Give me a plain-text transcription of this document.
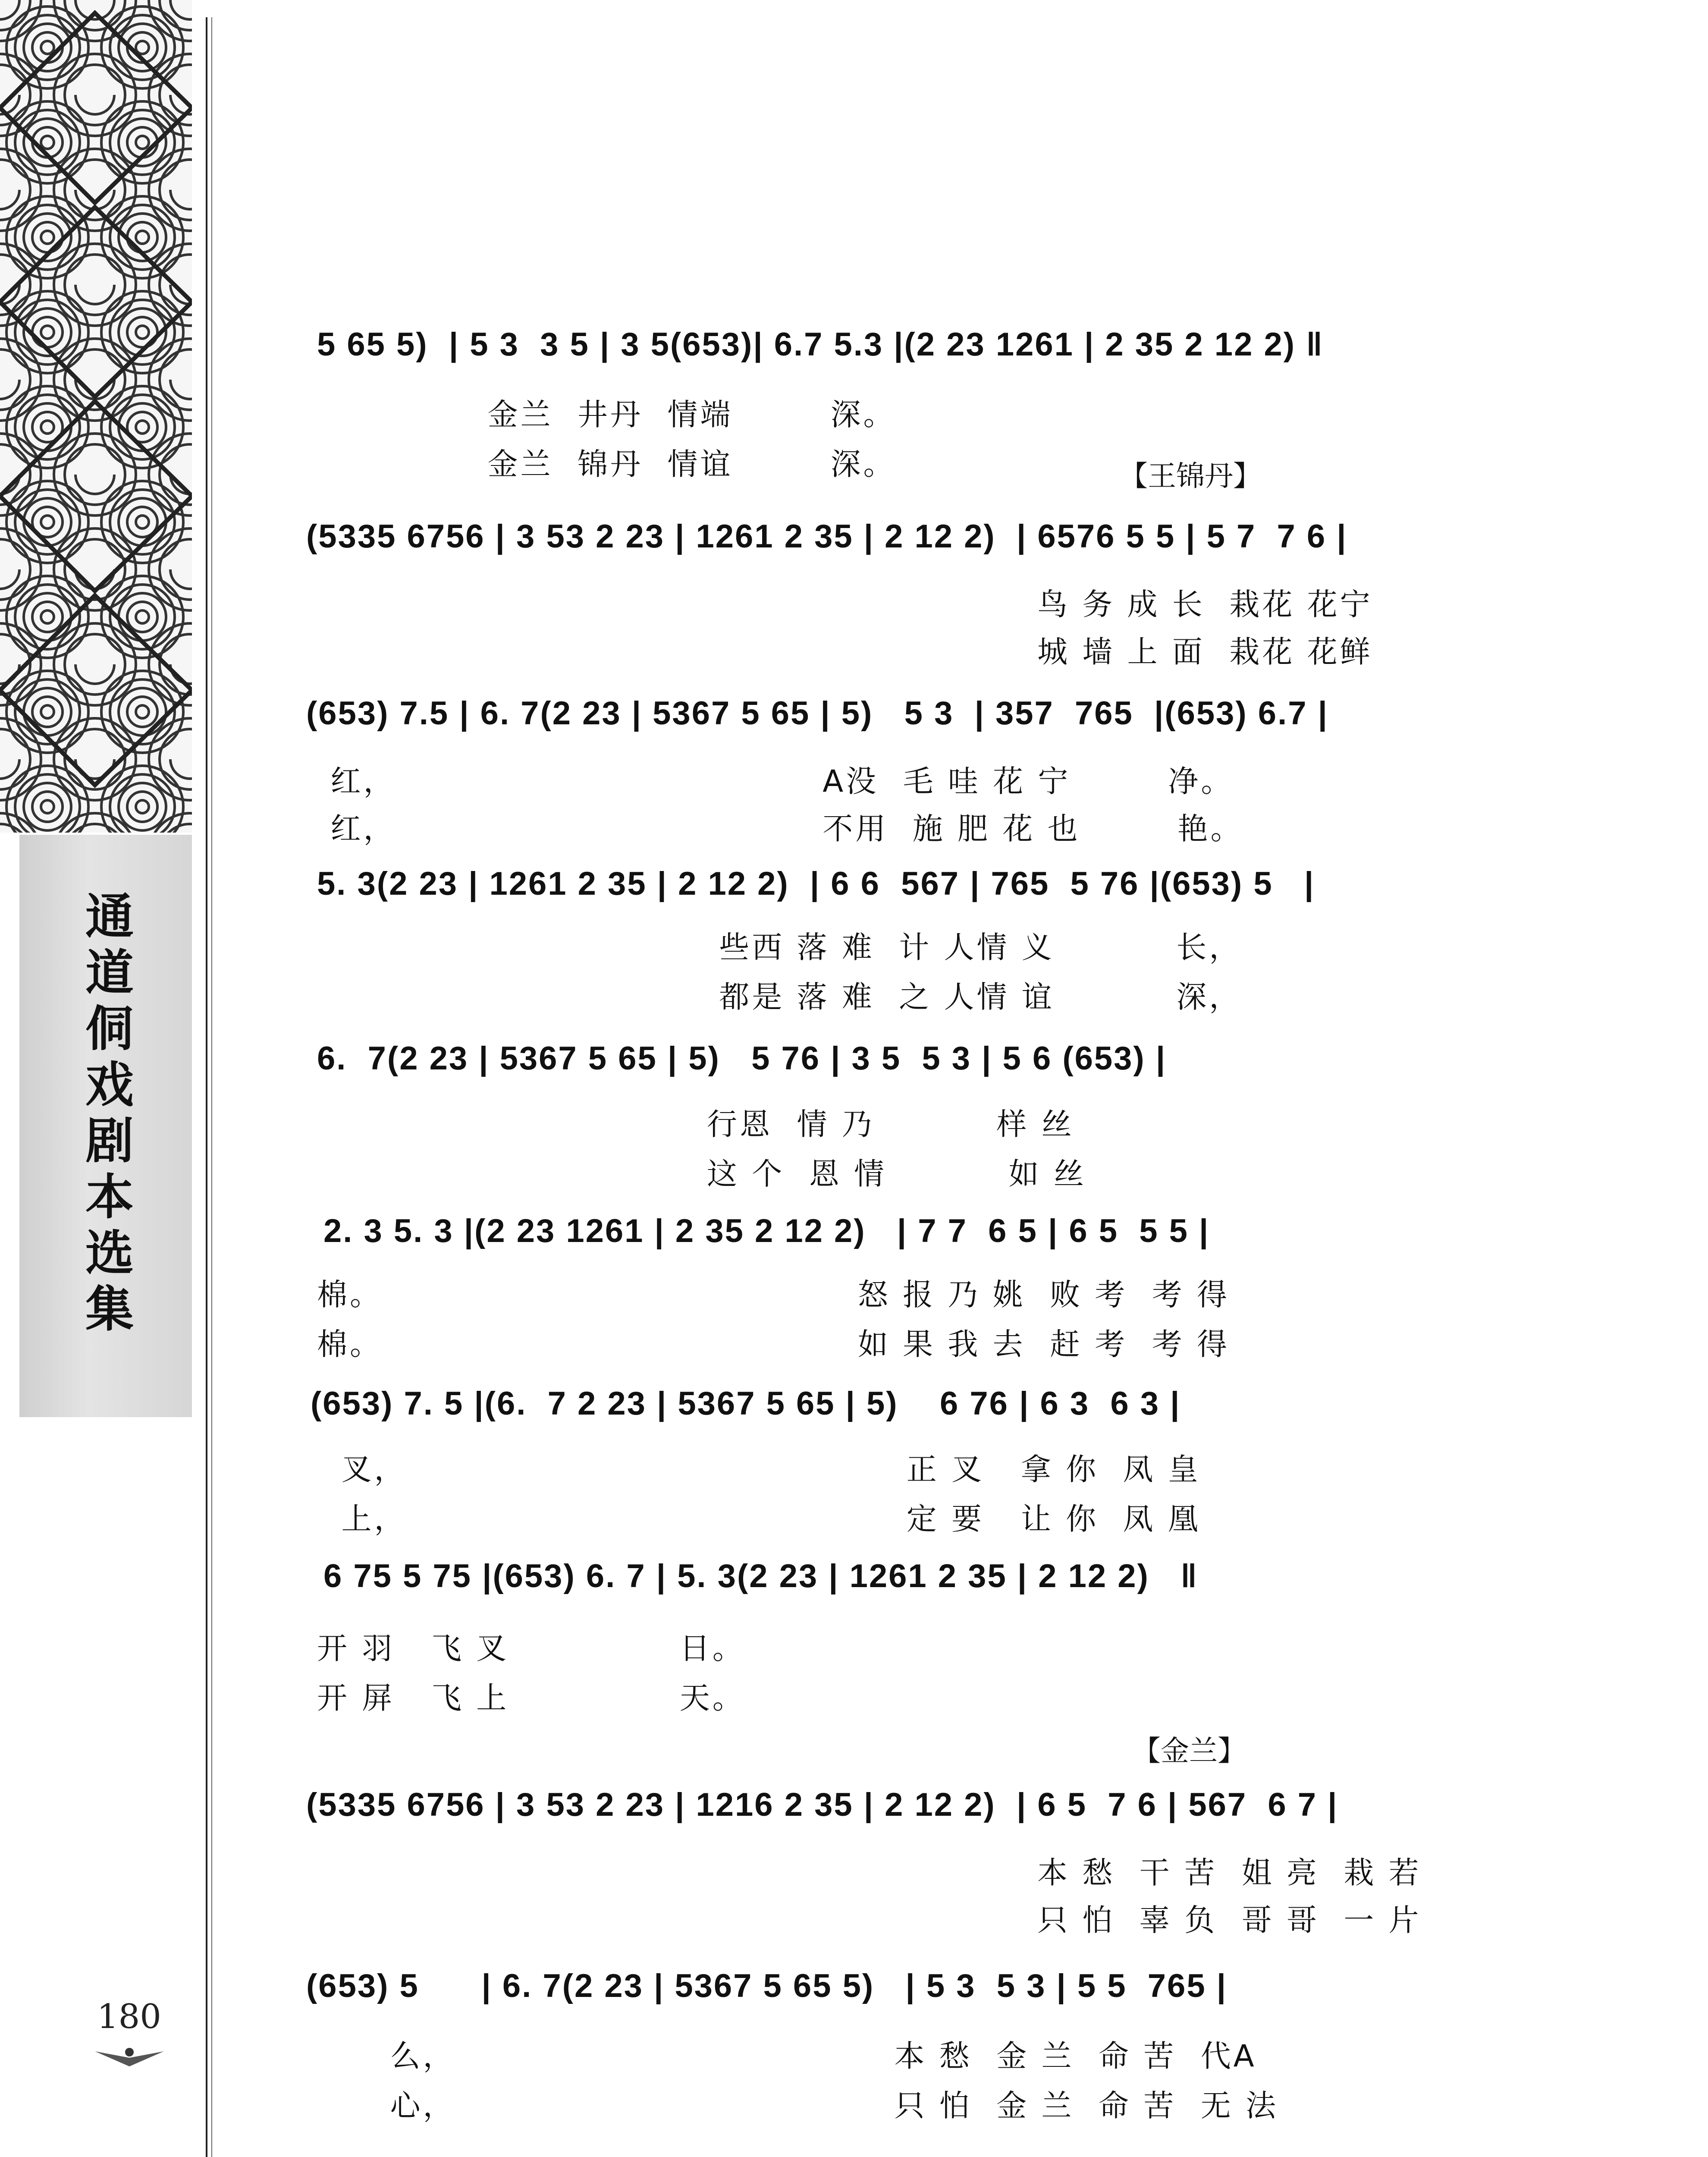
通道侗戏剧本选集
180
5 65 5)  | 5 3  3 5 | 3 5(653)| 6.7 5.3 |(2 23 1261 | 2 35 2 12 2) ‖
金兰  井丹  情端        深。
金兰  锦丹  情谊        深。	【王锦丹】
(5335 6756 | 3 53 2 23 | 1261 2 35 | 2 12 2)  | 6576 5 5 | 5 7  7 6 |
鸟 务 成 长  栽花 花宁
城 墙 上 面  栽花 花鲜
(653) 7.5 | 6. 7(2 23 | 5367 5 65 | 5)   5 3  | 357  765  |(653) 6.7 |
红，                                   A没  毛 哇 花 宁        净。
红，                                   不用  施 肥 花 也        艳。
5. 3(2 23 | 1261 2 35 | 2 12 2)  | 6 6  567 | 765  5 76 |(653) 5   |
些西 落 难  计 人情 义          长，
都是 落 难  之 人情 谊          深，
6.  7(2 23 | 5367 5 65 | 5)   5 76 | 3 5  5 3 | 5 6 (653) |
行恩  情 乃          样 丝
这 个  恩 情          如 丝
2. 3 5. 3 |(2 23 1261 | 2 35 2 12 2)   | 7 7  6 5 | 6 5  5 5 |
棉。                                       怒 报 乃 姚  败 考  考 得
棉。                                       如 果 我 去  赶 考  考 得
(653) 7. 5 |(6.  7 2 23 | 5367 5 65 | 5)    6 76 | 6 3  6 3 |
叉，                                         正 叉   拿 你  凤 皇
上，                                         定 要   让 你  凤 凰
6 75 5 75 |(653) 6. 7 | 5. 3(2 23 | 1261 2 35 | 2 12 2)   ‖
开 羽   飞 叉              日。
开 屏   飞 上              天。
【金兰】
(5335 6756 | 3 53 2 23 | 1216 2 35 | 2 12 2)  | 6 5  7 6 | 567  6 7 |
本 愁  干 苦  姐 亮  栽 若
只 怕  辜 负  哥 哥  一 片
(653) 5      | 6. 7(2 23 | 5367 5 65 5)   | 5 3  5 3 | 5 5  765 |
么，                                    本 愁  金 兰  命 苦  代A
心，                                    只 怕  金 兰  命 苦  无 法
